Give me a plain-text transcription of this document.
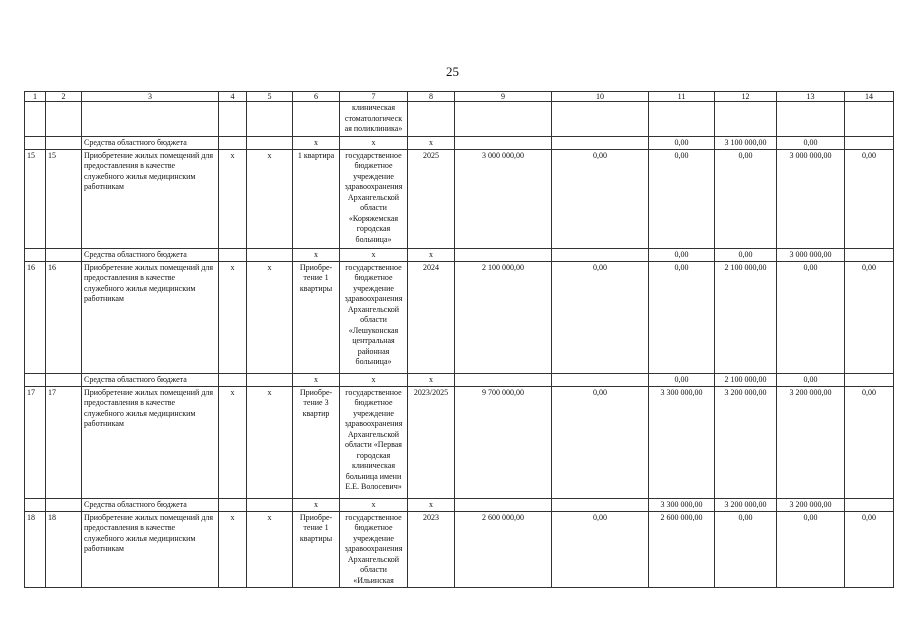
25
1	2	3	4	5	6	7	8	9	10	11	12	13	14
						клиническая стоматологическ ая поликлиника»							
		Средства областного бюджета			x	x	x			0,00	3 100 000,00	0,00	
15	15	Приобретение жилых помещений для предоставления в качестве служебного жилья медицинским работникам	x	x	1 квартира	государственное бюджетное учреждение здравоохранения Архангельской области «Коряжемская городская больница»	2025	3 000 000,00	0,00	0,00	0,00	3 000 000,00	0,00
		Средства областного бюджета			x	x	x			0,00	0,00	3 000 000,00	
16	16	Приобретение жилых помещений для предоставления в качестве служебного жилья медицинским работникам	x	x	Приобре-тение 1 квартиры	государственное бюджетное учреждение здравоохранения Архангельской области «Лешуконская центральная районная больница»	2024	2 100 000,00	0,00	0,00	2 100 000,00	0,00	0,00
		Средства областного бюджета			x	x	x			0,00	2 100 000,00	0,00	
17	17	Приобретение жилых помещений для предоставления в качестве служебного жилья медицинским работникам	x	x	Приобре-тение 3 квартир	государственное бюджетное учреждение здравоохранения Архангельской области «Первая городская клиническая больница имени Е.Е. Волосевич»	2023/2025	9 700 000,00	0,00	3 300 000,00	3 200 000,00	3 200 000,00	0,00
		Средства областного бюджета			x	x	x			3 300 000,00	3 200 000,00	3 200 000,00	
18	18	Приобретение жилых помещений для предоставления в качестве служебного жилья медицинским работникам	x	x	Приобре-тение 1 квартиры	государственное бюджетное учреждение здравоохранения Архангельской области «Ильинская	2023	2 600 000,00	0,00	2 600 000,00	0,00	0,00	0,00
